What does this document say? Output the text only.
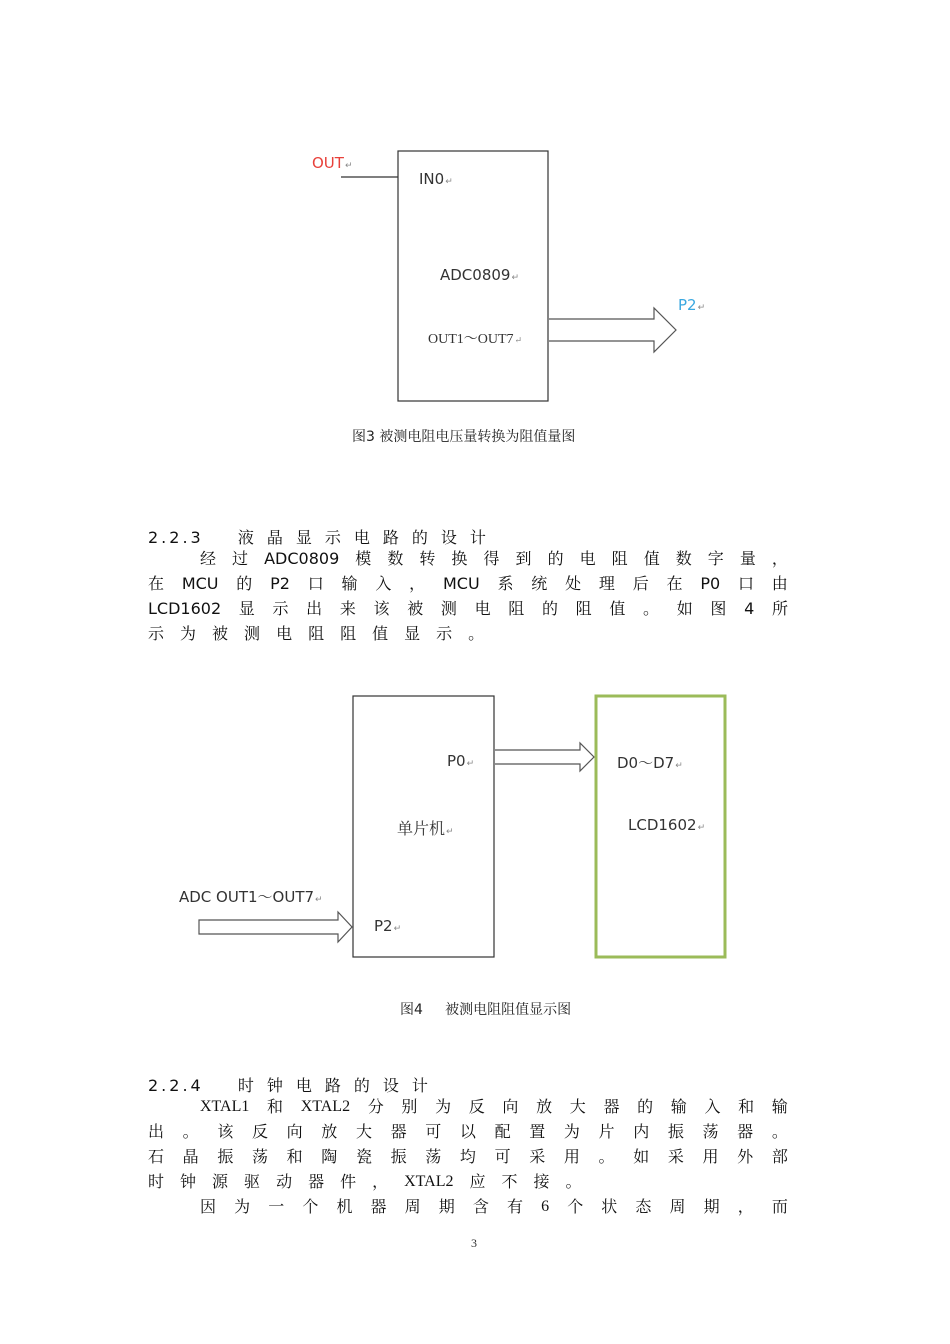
OUT ↵
IN0 ↵
ADC0809 ↵
OUT1～OUT7 ↵
P2 ↵
图3 被测电阻电压量转换为阻值量图
2.2.3 液晶显示电路的设计
经 过 ADC0809 模 数 转 换 得 到 的 电 阻 值 数 字 量 ，
在 MCU 的 P2 口 输 入 ， MCU 系 统 处 理 后 在 P0 口 由
LCD1602 显 示 出 来 该 被 测 电 阻 的 阻 值 。 如 图 4 所
示 为 被 测 电 阻 阻 值 显 示 。
P0 ↵
单片机 ↵
P2 ↵
ADC OUT1～OUT7 ↵
D0～D7 ↵
LCD1602 ↵
图4     被测电阻阻值显示图
2.2.4 时钟电路的设计
XTAL1 和 XTAL2 分 别 为 反 向 放 大 器 的 输 入 和 输
出 。 该 反 向 放 大 器 可 以 配 置 为 片 内 振 荡 器 。
石 晶 振 荡 和 陶 瓷 振 荡 均 可 采 用 。 如 采 用 外 部
时 钟 源 驱 动 器 件 ， XTAL2 应 不 接 。
因 为 一 个 机 器 周 期 含 有 6 个 状 态 周 期 ， 而
3
